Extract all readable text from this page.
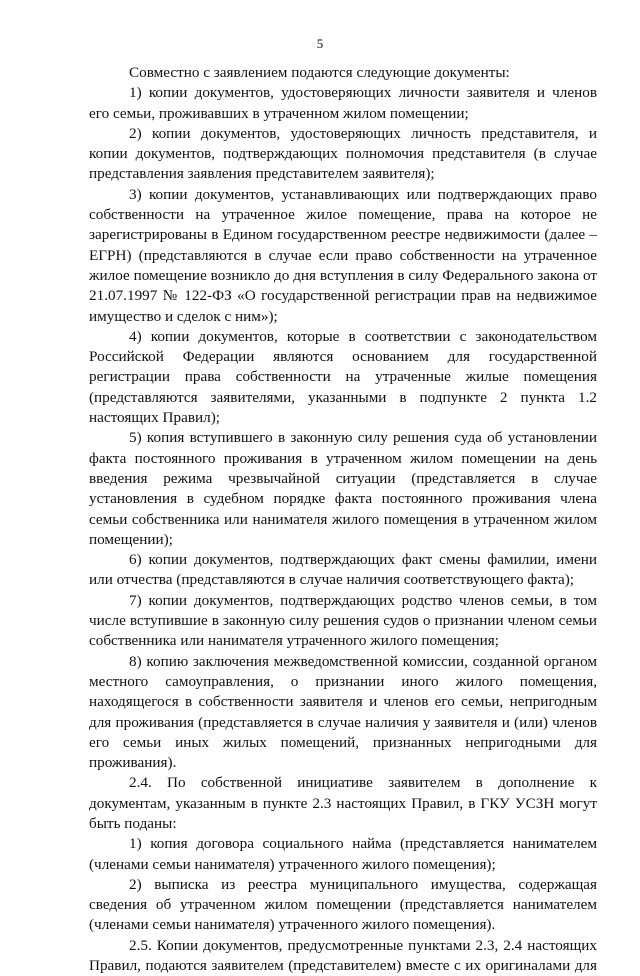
5

Совместно с заявлением подаются следующие документы:

1) копии документов, удостоверяющих личности заявителя и членов его семьи, проживавших в утраченном жилом помещении;

2) копии документов, удостоверяющих личность представителя, и копии документов, подтверждающих полномочия представителя (в случае представления заявления представителем заявителя);

3) копии документов, устанавливающих или подтверждающих право собственности на утраченное жилое помещение, права на которое не зарегистрированы в Едином государственном реестре недвижимости (далее – ЕГРН) (представляются в случае если право собственности на утраченное жилое помещение возникло до дня вступления в силу Федерального закона от 21.07.1997 № 122-ФЗ «О государственной регистрации прав на недвижимое имущество и сделок с ним»);

4) копии документов, которые в соответствии с законодательством Российской Федерации являются основанием для государственной регистрации права собственности на утраченные жилые помещения (представляются заявителями, указанными в подпункте 2 пункта 1.2 настоящих Правил);

5) копия вступившего в законную силу решения суда об установлении факта постоянного проживания в утраченном жилом помещении на день введения режима чрезвычайной ситуации (представляется в случае установления в судебном порядке факта постоянного проживания члена семьи собственника или нанимателя жилого помещения в утраченном жилом помещении);

6) копии документов, подтверждающих факт смены фамилии, имени или отчества (представляются в случае наличия соответствующего факта);

7) копии документов, подтверждающих родство членов семьи, в том числе вступившие в законную силу решения судов о признании членом семьи собственника или нанимателя утраченного жилого помещения;

8) копию заключения межведомственной комиссии, созданной органом местного самоуправления, о признании иного жилого помещения, находящегося в собственности заявителя и членов его семьи, непригодным для проживания (представляется в случае наличия у заявителя и (или) членов его семьи иных жилых помещений, признанных непригодными для проживания).

2.4. По собственной инициативе заявителем в дополнение к документам, указанным в пункте 2.3 настоящих Правил, в ГКУ УСЗН могут быть поданы:

1) копия договора социального найма (представляется нанимателем (членами семьи нанимателя) утраченного жилого помещения);

2) выписка из реестра муниципального имущества, содержащая сведения об утраченном жилом помещении (представляется нанимателем (членами семьи нанимателя) утраченного жилого помещения).

2.5. Копии документов, предусмотренные пунктами 2.3, 2.4 настоящих Правил, подаются заявителем (представителем) вместе с их оригиналами для
